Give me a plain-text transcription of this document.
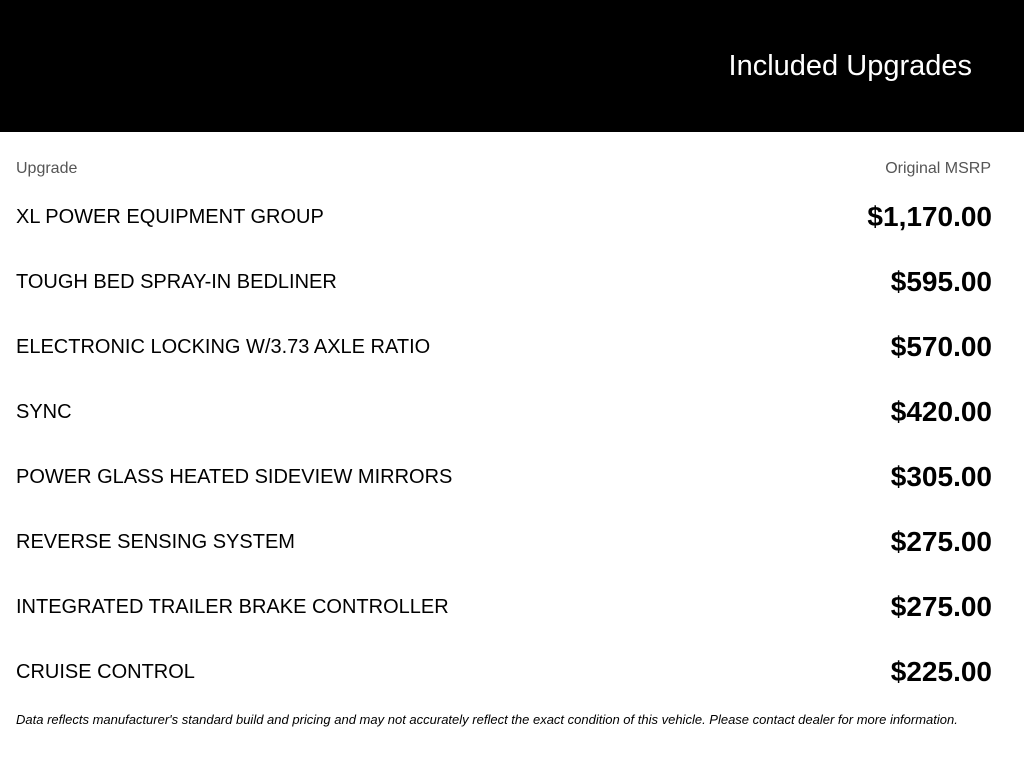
Included Upgrades
Upgrade	Original MSRP
XL POWER EQUIPMENT GROUP	$1,170.00
TOUGH BED SPRAY-IN BEDLINER	$595.00
ELECTRONIC LOCKING W/3.73 AXLE RATIO	$570.00
SYNC	$420.00
POWER GLASS HEATED SIDEVIEW MIRRORS	$305.00
REVERSE SENSING SYSTEM	$275.00
INTEGRATED TRAILER BRAKE CONTROLLER	$275.00
CRUISE CONTROL	$225.00
Data reflects manufacturer's standard build and pricing and may not accurately reflect the exact condition of this vehicle. Please contact dealer for more information.
